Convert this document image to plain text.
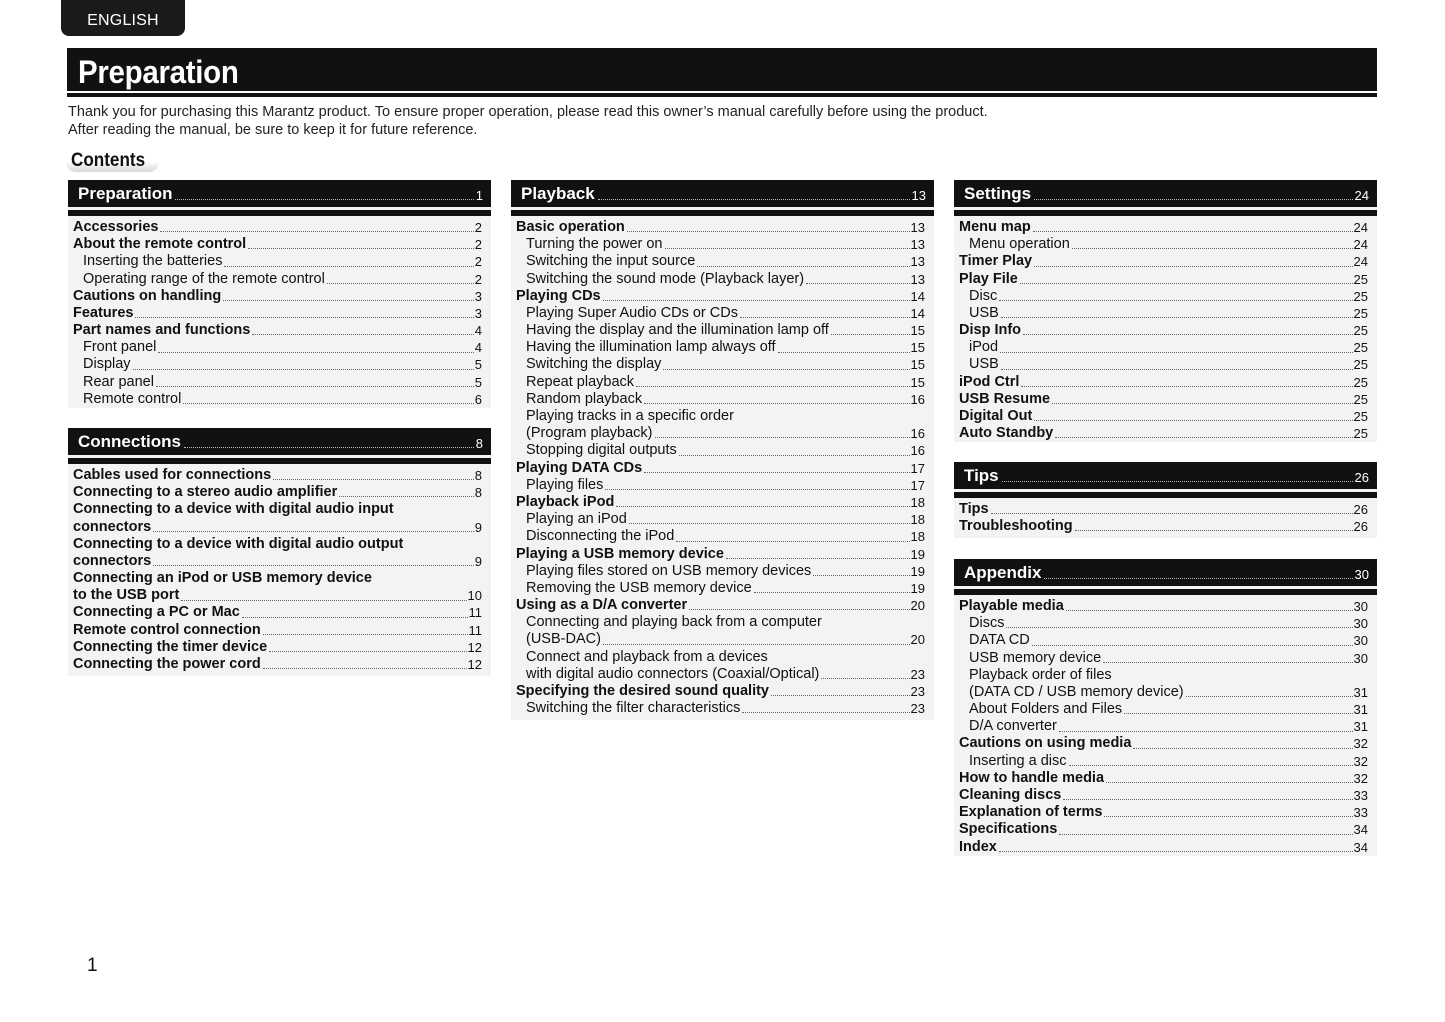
ENGLISH
Preparation
Thank you for purchasing this Marantz product. To ensure proper operation, please read this owner’s manual carefully before using the product.
After reading the manual, be sure to keep it for future reference.
Contents
Preparation	1
Accessories	2
About the remote control	2
Inserting the batteries	2
Operating range of the remote control	2
Cautions on handling	3
Features	3
Part names and functions	4
Front panel	4
Display	5
Rear panel	5
Remote control	6
Connections	8
Cables used for connections	8
Connecting to a stereo audio amplifier	8
Connecting to a device with digital audio input
connectors	9
Connecting to a device with digital audio output
connectors	9
Connecting an iPod or USB memory device
to the USB port	10
Connecting a PC or Mac	11
Remote control connection	11
Connecting the timer device	12
Connecting the power cord	12
Playback	13
Basic operation	13
Turning the power on	13
Switching the input source	13
Switching the sound mode (Playback layer)	13
Playing CDs	14
Playing Super Audio CDs or CDs	14
Having the display and the illumination lamp off	15
Having the illumination lamp always off	15
Switching the display	15
Repeat playback	15
Random playback	16
Playing tracks in a specific order
(Program playback)	16
Stopping digital outputs	16
Playing DATA CDs	17
Playing files	17
Playback iPod	18
Playing an iPod	18
Disconnecting the iPod	18
Playing a USB memory device	19
Playing files stored on USB memory devices	19
Removing the USB memory device	19
Using as a D/A converter	20
Connecting and playing back from a computer
(USB-DAC)	20
Connect and playback from a devices
with digital audio connectors (Coaxial/Optical)	23
Specifying the desired sound quality	23
Switching the filter characteristics	23
Settings	24
Menu map	24
Menu operation	24
Timer Play	24
Play File	25
Disc	25
USB	25
Disp Info	25
iPod	25
USB	25
iPod Ctrl	25
USB Resume	25
Digital Out	25
Auto Standby	25
Tips	26
Tips	26
Troubleshooting	26
Appendix	30
Playable media	30
Discs	30
DATA CD	30
USB memory device	30
Playback order of files
(DATA CD / USB memory device)	31
About Folders and Files	31
D/A converter	31
Cautions on using media	32
Inserting a disc	32
How to handle media	32
Cleaning discs	33
Explanation of terms	33
Specifications	34
Index	34
1
